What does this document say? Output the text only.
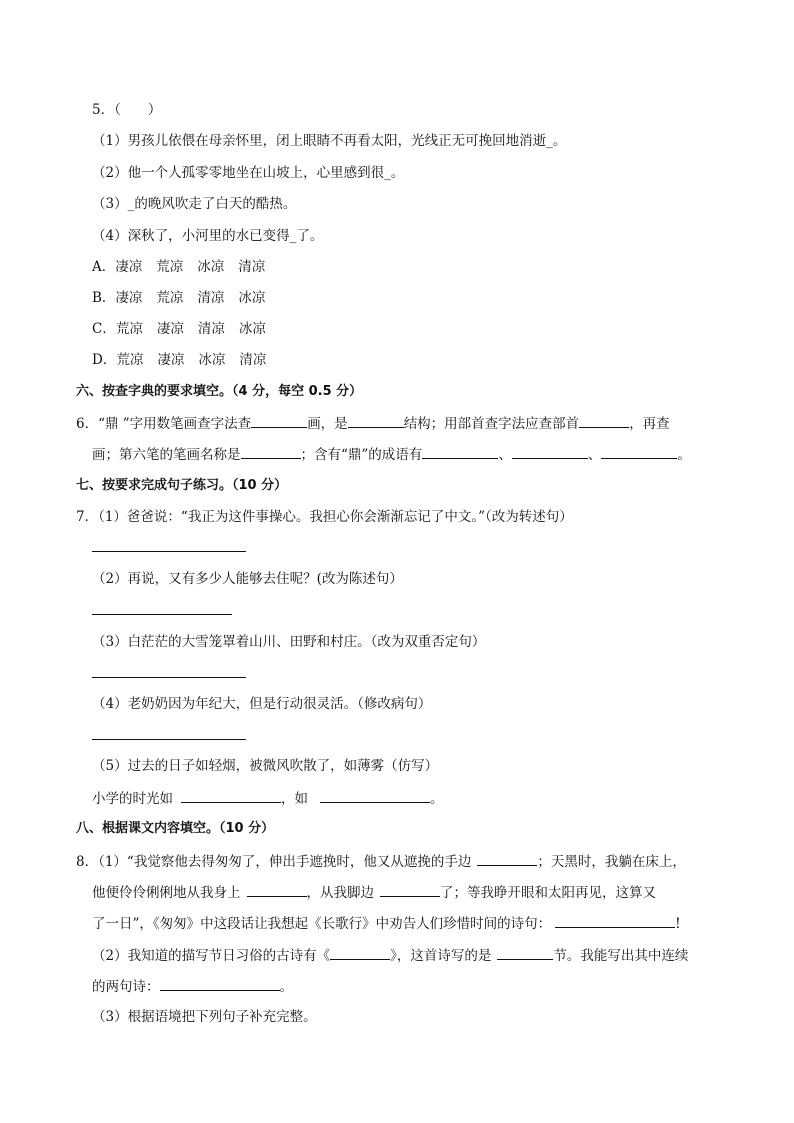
5．（　　）
（1）男孩儿依偎在母亲怀里，闭上眼睛不再看太阳，光线正无可挽回地消逝_。
（2）他一个人孤零零地坐在山坡上，心里感到很_。
（3）_的晚风吹走了白天的酷热。
（4）深秋了，小河里的水已变得_了。
A．凄凉 荒凉 冰凉 清凉
B．凄凉 荒凉 清凉 冰凉
C．荒凉 凄凉 清凉 冰凉
D．荒凉 凄凉 冰凉 清凉
六、按查字典的要求填空。（4 分，每空 0.5 分）
6．“鼎 ”字用数笔画查字法查	画，是	结构；用部首查字法应查部首	，再查
画；第六笔的笔画名称是	；含有“鼎”的成语有	、	、	。
七、按要求完成句子练习。（10 分）
7．（1）爸爸说：“我正为这件事操心。我担心你会渐渐忘记了中文。”（改为转述句）
（2）再说，又有多少人能够去住呢？(改为陈述句）
（3）白茫茫的大雪笼罩着山川、田野和村庄。（改为双重否定句）
（4）老奶奶因为年纪大，但是行动很灵活。（修改病句）
（5）过去的日子如轻烟，被微风吹散了，如薄雾（仿写）
小学的时光如	，如	。
八、根据课文内容填空。（10 分）
8．（1）“我觉察他去得匆匆了，伸出手遮挽时，他又从遮挽的手边	；天黑时，我躺在床上，
他便伶伶俐俐地从我身上	，从我脚边	了；等我睁开眼和太阳再见，这算又
了一日”，《匆匆》中这段话让我想起《长歌行》中劝告人们珍惜时间的诗句：	!
（2）我知道的描写节日习俗的古诗有《	》，这首诗写的是	节。我能写出其中连续
的两句诗：	。
（3）根据语境把下列句子补充完整。
